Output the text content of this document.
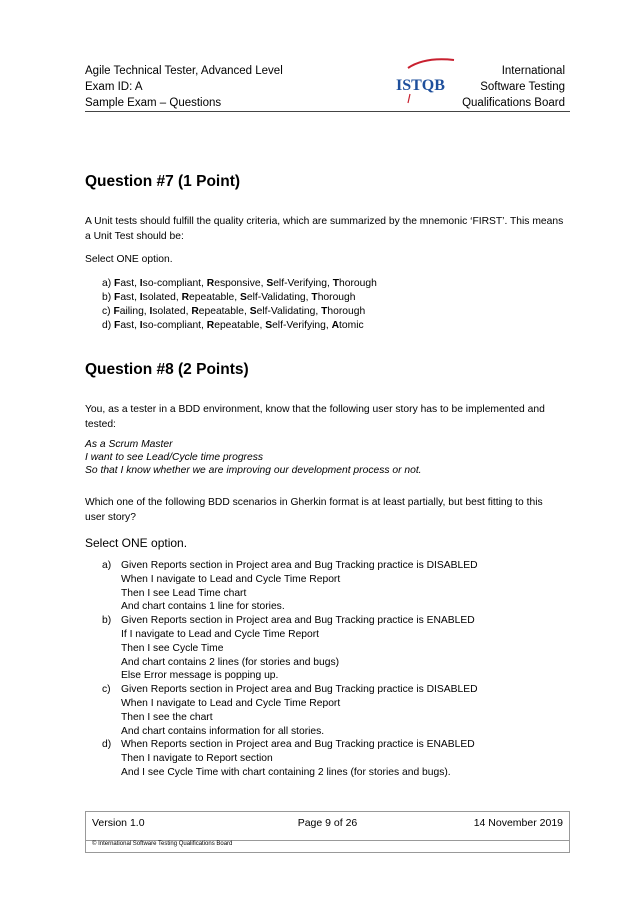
Agile Technical Tester, Advanced Level
Exam ID: A
Sample Exam – Questions
ISTQB
International
Software Testing
Qualifications Board
Question #7 (1 Point)
A Unit tests should fulfill the quality criteria, which are summarized by the mnemonic ‘FIRST’. This means a Unit Test should be:
Select ONE option.
a) Fast, Iso-compliant, Responsive, Self-Verifying, Thorough
b) Fast, Isolated, Repeatable, Self-Validating, Thorough
c) Failing, Isolated, Repeatable, Self-Validating, Thorough
d) Fast, Iso-compliant, Repeatable, Self-Verifying, Atomic
Question #8 (2 Points)
You, as a tester in a BDD environment, know that the following user story has to be implemented and tested:
As a Scrum Master
I want to see Lead/Cycle time progress
So that I know whether we are improving our development process or not.
Which one of the following BDD scenarios in Gherkin format is at least partially, but best fitting to this user story?
Select ONE option.
a) Given Reports section in Project area and Bug Tracking practice is DISABLED
When I navigate to Lead and Cycle Time Report
Then I see Lead Time chart
And chart contains 1 line for stories.
b) Given Reports section in Project area and Bug Tracking practice is ENABLED
If I navigate to Lead and Cycle Time Report
Then I see Cycle Time
And chart contains 2 lines (for stories and bugs)
Else Error message is popping up.
c) Given Reports section in Project area and Bug Tracking practice is DISABLED
When I navigate to Lead and Cycle Time Report
Then I see the chart
And chart contains information for all stories.
d) When Reports section in Project area and Bug Tracking practice is ENABLED
Then I navigate to Report section
And I see Cycle Time with chart containing 2 lines (for stories and bugs).
Version 1.0	Page 9 of 26	14 November 2019
© International Software Testing Qualifications Board
